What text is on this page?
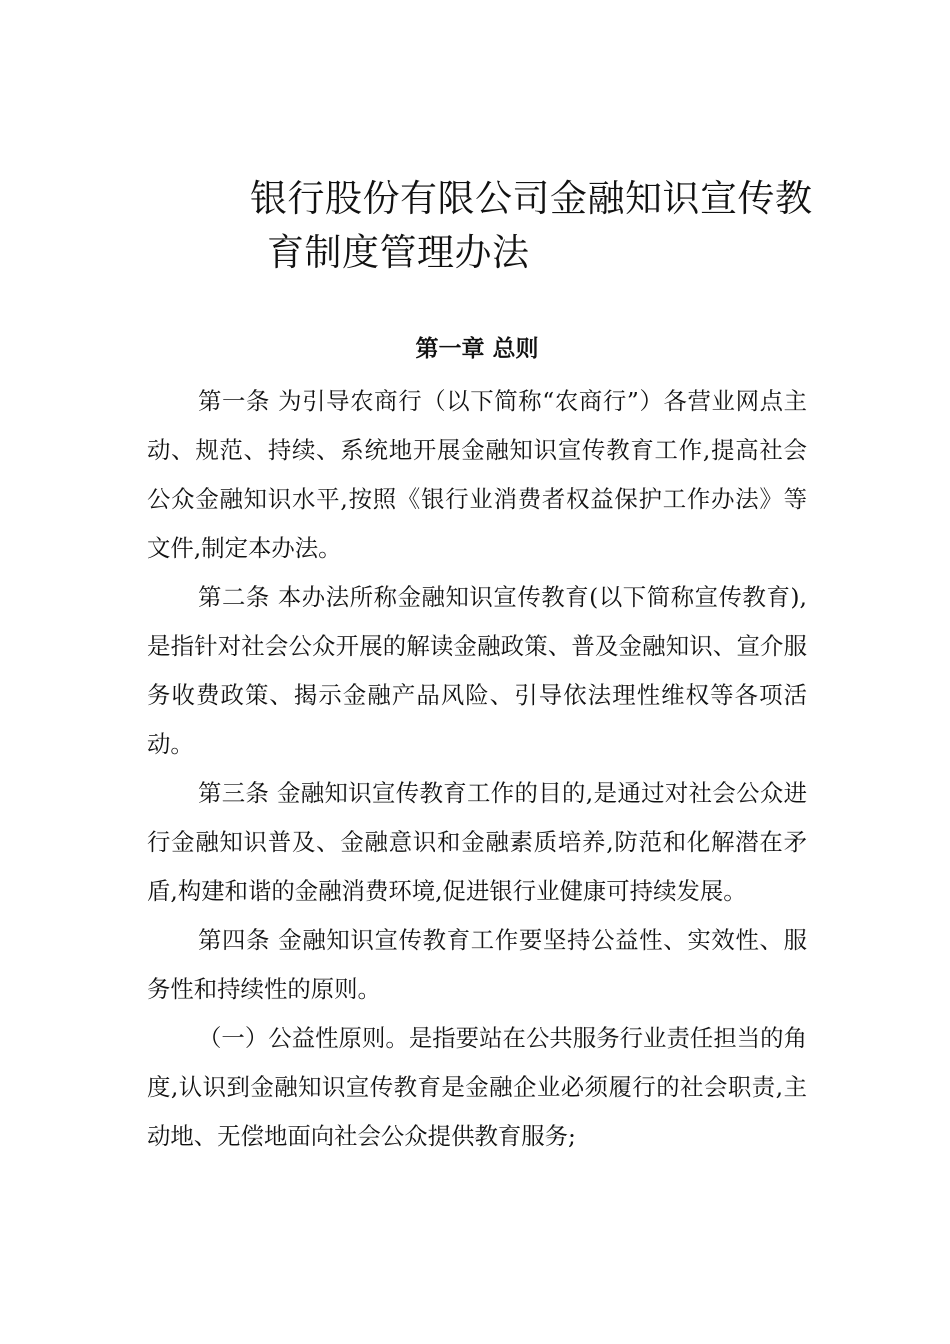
银行股份有限公司金融知识宣传教
育制度管理办法
第一章 总则

第一条 为引导农商行（以下简称“农商行”）各营业网点主动、规范、持续、系统地开展金融知识宣传教育工作,提高社会公众金融知识水平,按照《银行业消费者权益保护工作办法》等文件,制定本办法。

第二条 本办法所称金融知识宣传教育(以下简称宣传教育),是指针对社会公众开展的解读金融政策、普及金融知识、宣介服务收费政策、揭示金融产品风险、引导依法理性维权等各项活动。

第三条 金融知识宣传教育工作的目的,是通过对社会公众进行金融知识普及、金融意识和金融素质培养,防范和化解潜在矛盾,构建和谐的金融消费环境,促进银行业健康可持续发展。

第四条 金融知识宣传教育工作要坚持公益性、实效性、服务性和持续性的原则。

（一）公益性原则。是指要站在公共服务行业责任担当的角度,认识到金融知识宣传教育是金融企业必须履行的社会职责,主动地、无偿地面向社会公众提供教育服务;
